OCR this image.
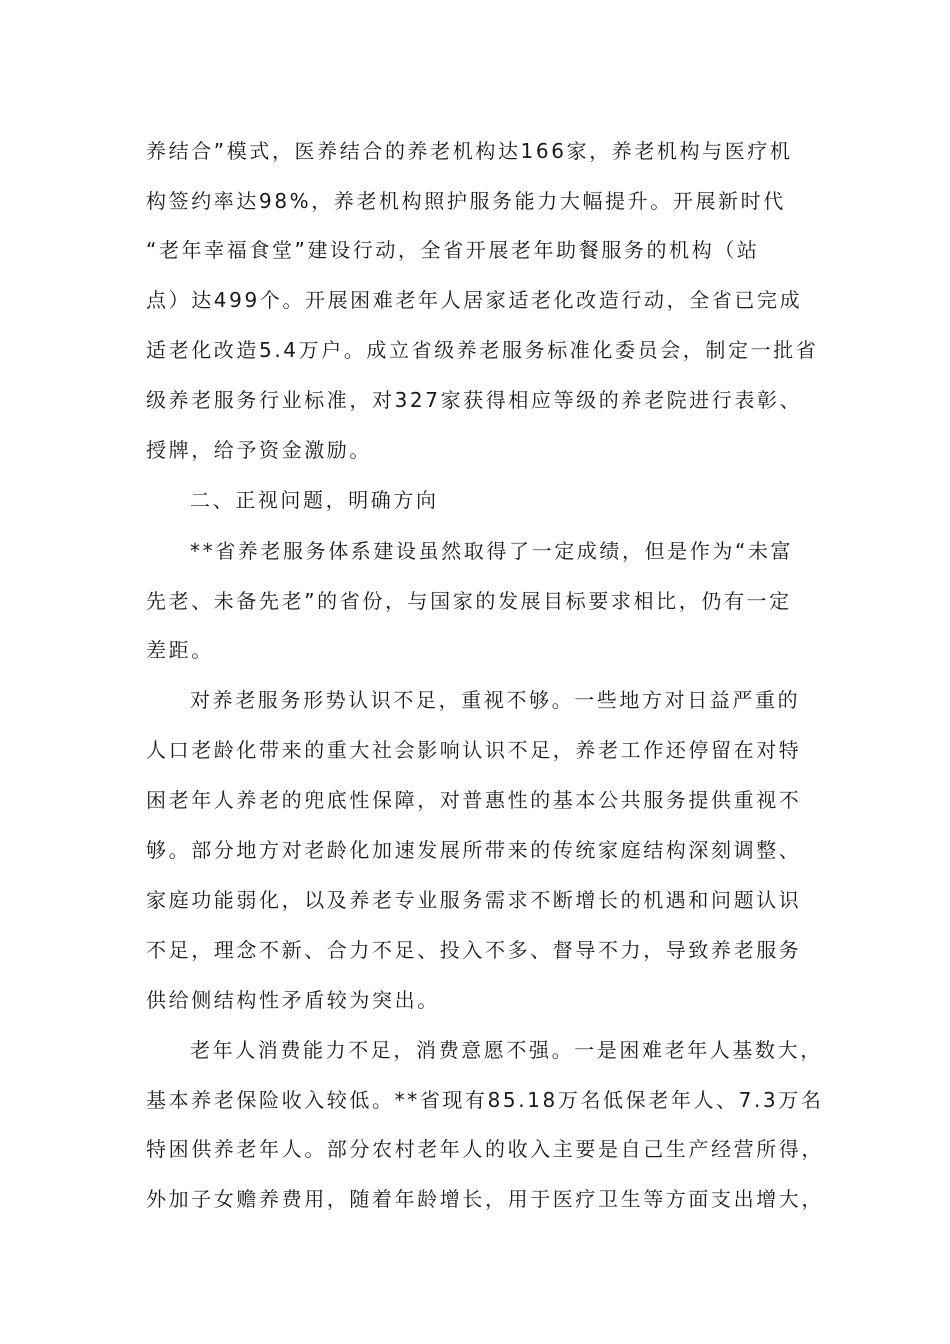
养结合”模式，医养结合的养老机构达166家，养老机构与医疗机
构签约率达98%，养老机构照护服务能力大幅提升。开展新时代
“老年幸福食堂”建设行动，全省开展老年助餐服务的机构（站
点）达499个。开展困难老年人居家适老化改造行动，全省已完成
适老化改造5.4万户。成立省级养老服务标准化委员会，制定一批省
级养老服务行业标准，对327家获得相应等级的养老院进行表彰、
授牌，给予资金激励。
二、正视问题，明确方向
**省养老服务体系建设虽然取得了一定成绩，但是作为“未富
先老、未备先老”的省份，与国家的发展目标要求相比，仍有一定
差距。
对养老服务形势认识不足，重视不够。一些地方对日益严重的
人口老龄化带来的重大社会影响认识不足，养老工作还停留在对特
困老年人养老的兜底性保障，对普惠性的基本公共服务提供重视不
够。部分地方对老龄化加速发展所带来的传统家庭结构深刻调整、
家庭功能弱化，以及养老专业服务需求不断增长的机遇和问题认识
不足，理念不新、合力不足、投入不多、督导不力，导致养老服务
供给侧结构性矛盾较为突出。
老年人消费能力不足，消费意愿不强。一是困难老年人基数大，
基本养老保险收入较低。**省现有85.18万名低保老年人、7.3万名
特困供养老年人。部分农村老年人的收入主要是自己生产经营所得，
外加子女赡养费用，随着年龄增长，用于医疗卫生等方面支出增大，
